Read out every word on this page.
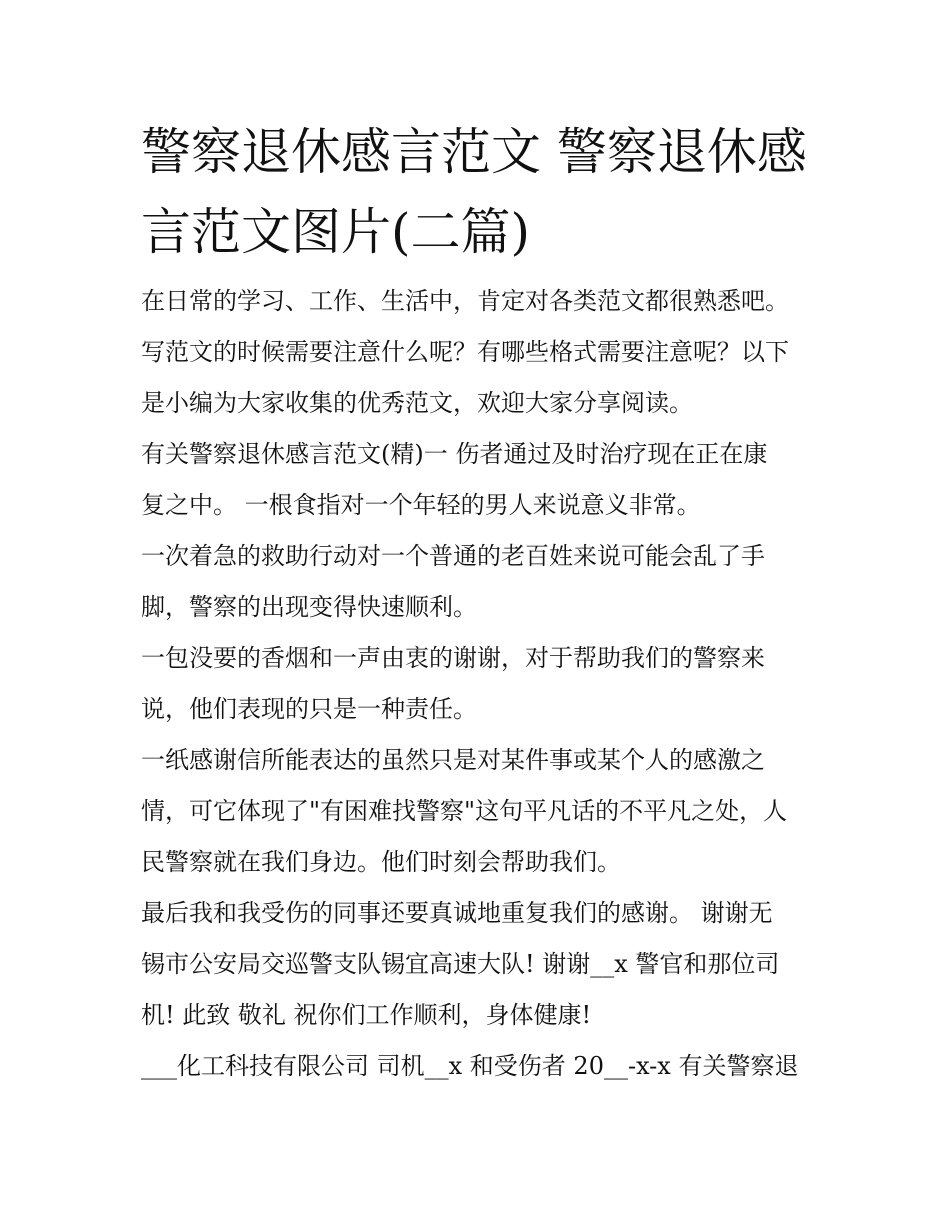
警察退休感言范文 警察退休感
言范文图片(二篇)
在日常的学习、工作、生活中，肯定对各类范文都很熟悉吧。
写范文的时候需要注意什么呢？有哪些格式需要注意呢？以下
是小编为大家收集的优秀范文，欢迎大家分享阅读。
有关警察退休感言范文(精)一 伤者通过及时治疗现在正在康
复之中。 一根食指对一个年轻的男人来说意义非常。
一次着急的救助行动对一个普通的老百姓来说可能会乱了手
脚，警察的出现变得快速顺利。
一包没要的香烟和一声由衷的谢谢，对于帮助我们的警察来
说，他们表现的只是一种责任。
一纸感谢信所能表达的虽然只是对某件事或某个人的感激之
情，可它体现了"有困难找警察"这句平凡话的不平凡之处，人
民警察就在我们身边。他们时刻会帮助我们。
最后我和我受伤的同事还要真诚地重复我们的感谢。 谢谢无
锡市公安局交巡警支队锡宜高速大队! 谢谢__x 警官和那位司
机! 此致 敬礼 祝你们工作顺利，身体健康!
___化工科技有限公司 司机__x 和受伤者 20__-x-x 有关警察退
